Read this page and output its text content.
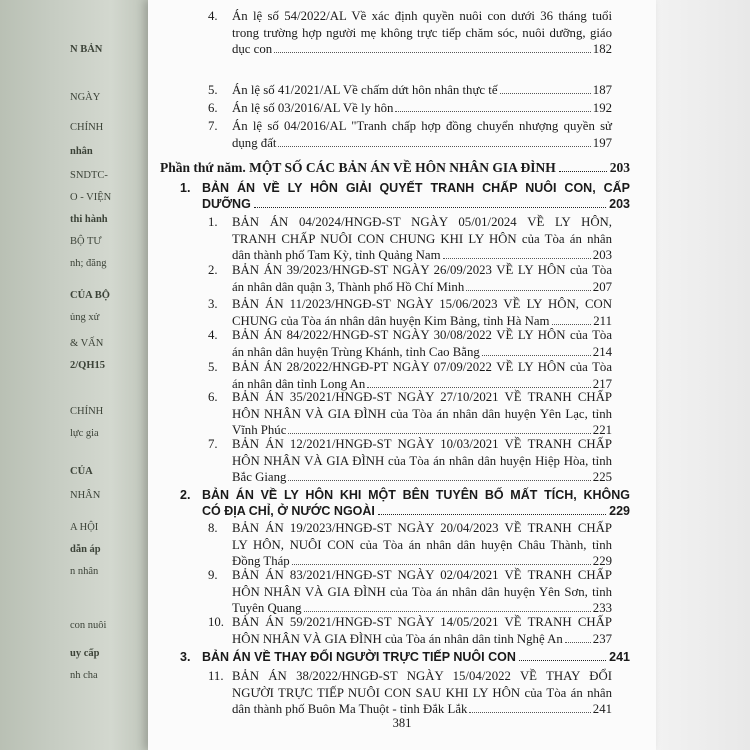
N BẢN
NGÀY
CHÍNH
nhân
SNDTC-
O - VIỆN
thi hành
BỘ TƯ
nh; đăng
CỦA BỘ
ủng xử
& VẤN
2/QH15
CHÍNH
lực gia
CỦA
NHÂN
A HỘI
dẫn áp
n nhân
con nuôi
uy cấp
nh cha
381
4.	Án lệ số 54/2022/AL Về xác định quyền nuôi con dưới 36 tháng tuổi
trong trường hợp người mẹ không trực tiếp chăm sóc, nuôi dưỡng, giáo
dục con	182
5.	Án lệ số 41/2021/AL Về chấm dứt hôn nhân thực tế	187
6.	Án lệ số 03/2016/AL Về ly hôn	192
7.	Án lệ số 04/2016/AL "Tranh chấp hợp đồng chuyển nhượng quyền sử
dụng đất	197
Phần thứ năm. MỘT SỐ CÁC BẢN ÁN VỀ HÔN NHÂN GIA ĐÌNH	203
1. BẢN ÁN VỀ LY HÔN GIẢI QUYẾT TRANH CHẤP NUÔI CON, CẤP
DƯỠNG	203
1.	BẢN ÁN 04/2024/HNGĐ-ST NGÀY 05/01/2024 VỀ LY HÔN,
TRANH CHẤP NUÔI CON CHUNG KHI LY HÔN của Tòa án nhân
dân thành phố Tam Kỳ, tỉnh Quảng Nam	203
2.	BẢN ÁN 39/2023/HNGĐ-ST NGÀY 26/09/2023 VỀ LY HÔN của Tòa
án nhân dân quận 3, Thành phố Hồ Chí Minh	207
3.	BẢN ÁN 11/2023/HNGĐ-ST NGÀY 15/06/2023 VỀ LY HÔN, CON
CHUNG của Tòa án nhân dân huyện Kim Bảng, tỉnh Hà Nam	211
4.	BẢN ÁN 84/2022/HNGĐ-ST NGÀY 30/08/2022 VỀ LY HÔN của Tòa
án nhân dân huyện Trùng Khánh, tỉnh Cao Bằng	214
5.	BẢN ÁN 28/2022/HNGĐ-PT NGÀY 07/09/2022 VỀ LY HÔN của Tòa
án nhân dân tỉnh Long An	217
6.	BẢN ÁN 35/2021/HNGĐ-ST NGÀY 27/10/2021 VỀ TRANH CHẤP
HÔN NHÂN VÀ GIA ĐÌNH của Tòa án nhân dân huyện Yên Lạc, tỉnh
Vĩnh Phúc	221
7.	BẢN ÁN 12/2021/HNGĐ-ST NGÀY 10/03/2021 VỀ TRANH CHẤP
HÔN NHÂN VÀ GIA ĐÌNH của Tòa án nhân dân huyện Hiệp Hòa, tỉnh
Bắc Giang	225
2. BẢN ÁN VỀ LY HÔN KHI MỘT BÊN TUYÊN BỐ MẤT TÍCH, KHÔNG
CÓ ĐỊA CHỈ, Ở NƯỚC NGOÀI	229
8.	BẢN ÁN 19/2023/HNGĐ-ST NGÀY 20/04/2023 VỀ TRANH CHẤP
LY HÔN, NUÔI CON của Tòa án nhân dân huyện Châu Thành, tỉnh
Đồng Tháp	229
9.	BẢN ÁN 83/2021/HNGĐ-ST NGÀY 02/04/2021 VỀ TRANH CHẤP
HÔN NHÂN VÀ GIA ĐÌNH của Tòa án nhân dân huyện Yên Sơn, tỉnh
Tuyên Quang	233
10. BẢN ÁN 59/2021/HNGĐ-ST NGÀY 14/05/2021 VỀ TRANH CHẤP
HÔN NHÂN VÀ GIA ĐÌNH của Tòa án nhân dân tỉnh Nghệ An 237
3. BẢN ÁN VỀ THAY ĐỔI NGƯỜI TRỰC TIẾP NUÔI CON	241
11. BẢN ÁN 38/2022/HNGĐ-ST NGÀY 15/04/2022 VỀ THAY ĐỔI
NGƯỜI TRỰC TIẾP NUÔI CON SAU KHI LY HÔN của Tòa án nhân
dân thành phố Buôn Ma Thuột - tỉnh Đắk Lắk	241
